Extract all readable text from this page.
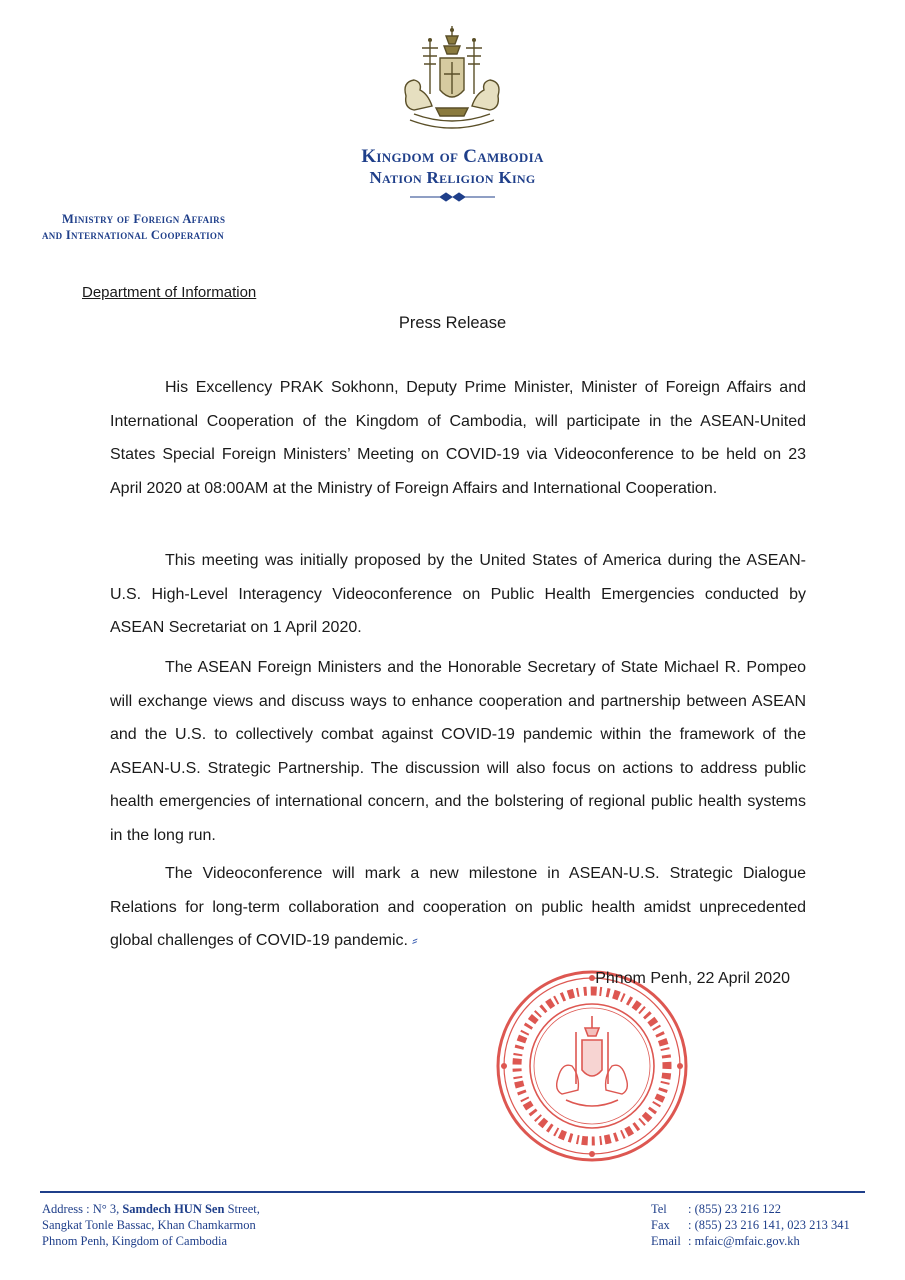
Kingdom of Cambodia
Nation Religion King
Ministry of Foreign Affairs
and International Cooperation
Department of Information
Press Release
His Excellency PRAK Sokhonn, Deputy Prime Minister, Minister of Foreign Affairs and International Cooperation of the Kingdom of Cambodia, will participate in the ASEAN-United States Special Foreign Ministers’ Meeting on COVID-19 via Videoconference to be held on 23 April 2020 at 08:00AM at the Ministry of Foreign Affairs and International Cooperation.
This meeting was initially proposed by the United States of America during the ASEAN-U.S. High-Level Interagency Videoconference on Public Health Emergencies conducted by ASEAN Secretariat on 1 April 2020.
The ASEAN Foreign Ministers and the Honorable Secretary of State Michael R. Pompeo will exchange views and discuss ways to enhance cooperation and partnership between ASEAN and the U.S. to collectively combat against COVID-19 pandemic within the framework of the ASEAN-U.S. Strategic Partnership. The discussion will also focus on actions to address public health emergencies of international concern, and the bolstering of regional public health systems in the long run.
The Videoconference will mark a new milestone in ASEAN-U.S. Strategic Dialogue Relations for long-term collaboration and cooperation on public health amidst unprecedented global challenges of COVID-19 pandemic. ⸗
Phnom Penh, 22 April 2020
Address : N° 3, Samdech HUN Sen Street,
Sangkat Tonle Bassac, Khan Chamkarmon
Phnom Penh, Kingdom of Cambodia
Tel : (855) 23 216 122
Fax : (855) 23 216 141, 023 213 341
Email : mfaic@mfaic.gov.kh
